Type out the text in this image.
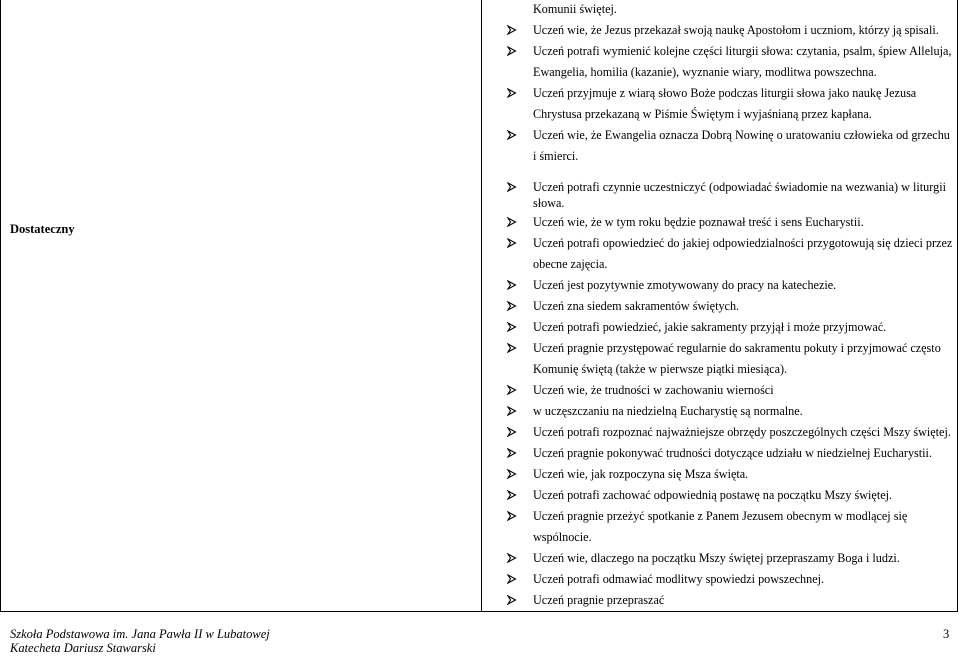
Dostateczny
Komunii świętej.
Uczeń wie, że Jezus przekazał swoją naukę Apostołom i uczniom, którzy ją spisali.
Uczeń potrafi wymienić kolejne części liturgii słowa: czytania, psalm, śpiew Alleluja,
Ewangelia, homilia (kazanie), wyznanie wiary, modlitwa powszechna.
Uczeń przyjmuje z wiarą słowo Boże podczas liturgii słowa jako naukę Jezusa
Chrystusa przekazaną w Piśmie Świętym i wyjaśnianą przez kapłana.
Uczeń wie, że Ewangelia oznacza Dobrą Nowinę o uratowaniu człowieka od grzechu
i śmierci.
Uczeń potrafi czynnie uczestniczyć (odpowiadać świadomie na wezwania) w liturgii
słowa.
Uczeń wie, że w tym roku będzie poznawał treść i sens Eucharystii.
Uczeń potrafi opowiedzieć do jakiej odpowiedzialności przygotowują się dzieci przez
obecne zajęcia.
Uczeń jest pozytywnie zmotywowany do pracy na katechezie.
Uczeń zna siedem sakramentów świętych.
Uczeń potrafi powiedzieć, jakie sakramenty przyjął i może przyjmować.
Uczeń pragnie przystępować regularnie do sakramentu pokuty i przyjmować często
Komunię świętą (także w pierwsze piątki miesiąca).
Uczeń wie, że trudności w zachowaniu wierności
w uczęszczaniu na niedzielną Eucharystię są normalne.
Uczeń potrafi rozpoznać najważniejsze obrzędy poszczególnych części Mszy świętej.
Uczeń pragnie pokonywać trudności dotyczące udziału w niedzielnej Eucharystii.
Uczeń wie, jak rozpoczyna się Msza święta.
Uczeń potrafi zachować odpowiednią postawę na początku Mszy świętej.
Uczeń pragnie przeżyć spotkanie z Panem Jezusem obecnym w modlącej się
wspólnocie.
Uczeń wie, dlaczego na początku Mszy świętej przepraszamy Boga i ludzi.
Uczeń potrafi odmawiać modlitwy spowiedzi powszechnej.
Uczeń pragnie przepraszać
Szkoła Podstawowa im. Jana Pawła II w Lubatowej
Katecheta Dariusz Stawarski
3
